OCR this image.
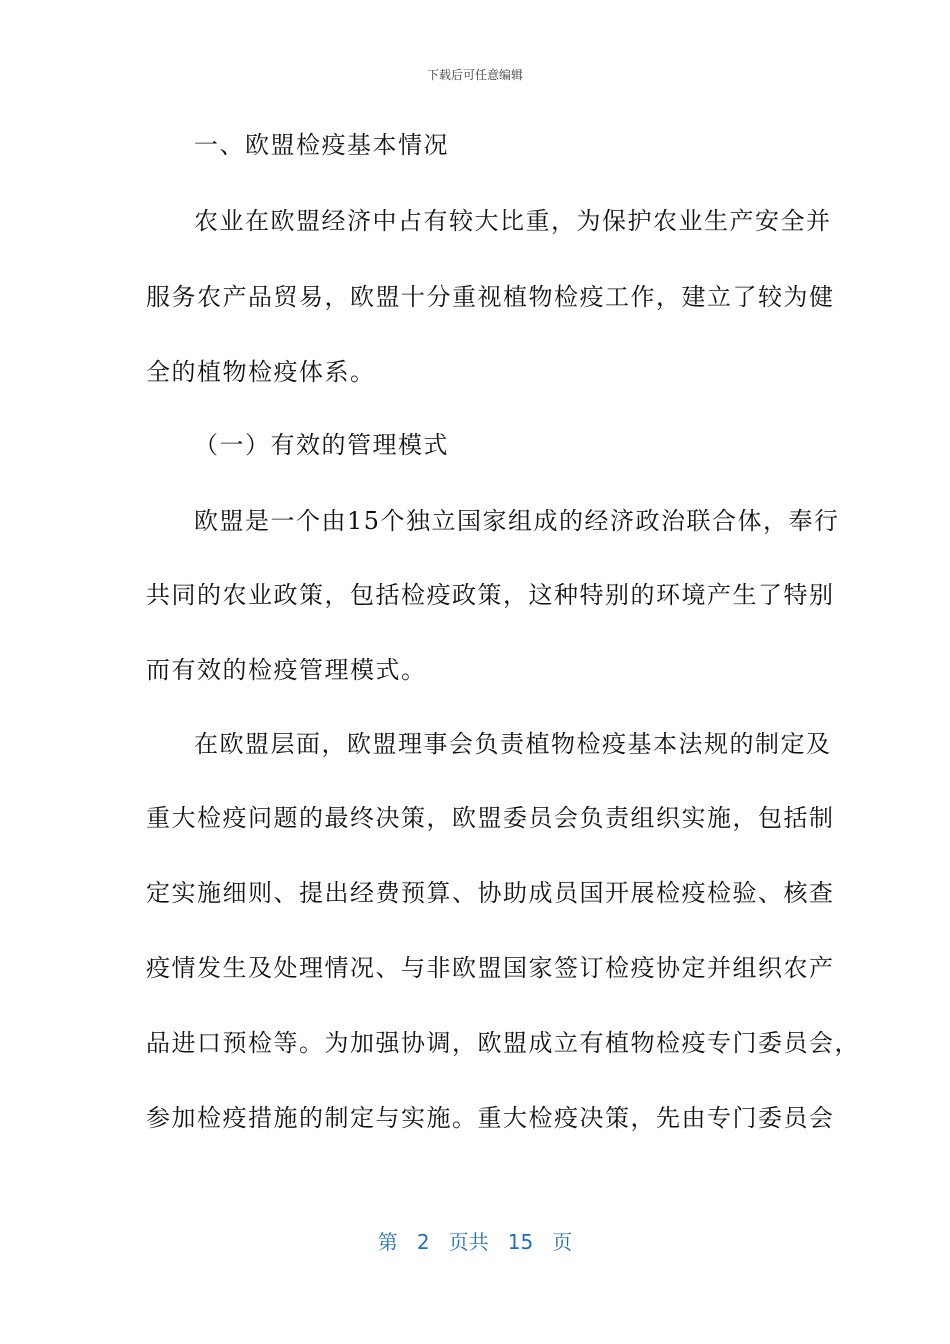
下载后可任意编辑
一、欧盟检疫基本情况
农业在欧盟经济中占有较大比重，为保护农业生产安全并
服务农产品贸易，欧盟十分重视植物检疫工作，建立了较为健
全的植物检疫体系。
（一）有效的管理模式
欧盟是一个由15个独立国家组成的经济政治联合体，奉行
共同的农业政策，包括检疫政策，这种特别的环境产生了特别
而有效的检疫管理模式。
在欧盟层面，欧盟理事会负责植物检疫基本法规的制定及
重大检疫问题的最终决策，欧盟委员会负责组织实施，包括制
定实施细则、提出经费预算、协助成员国开展检疫检验、核查
疫情发生及处理情况、与非欧盟国家签订检疫协定并组织农产
品进口预检等。为加强协调，欧盟成立有植物检疫专门委员会，
参加检疫措施的制定与实施。重大检疫决策，先由专门委员会
第 2 页共 15 页
